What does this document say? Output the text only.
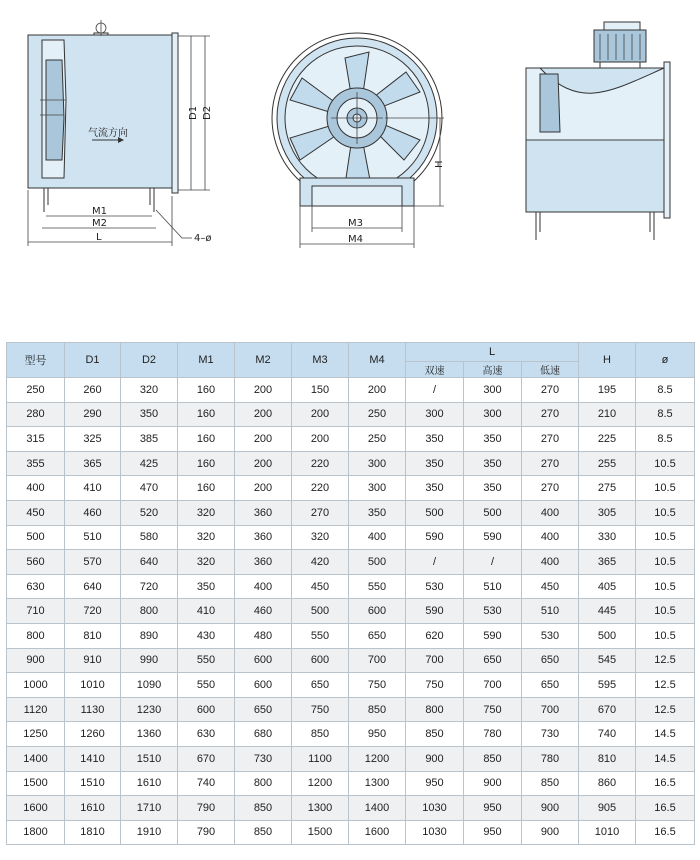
气流方向
D1 D2
M1
M2
L	4–ø
H
M3
M4
型号	D1	D2	M1	M2	M3	M4	L			H	ø
							双速	高速	低速		
250	260	320	160	200	150	200	/	300	270	195	8.5
280	290	350	160	200	200	250	300	300	270	210	8.5
315	325	385	160	200	200	250	350	350	270	225	8.5
355	365	425	160	200	220	300	350	350	270	255	10.5
400	410	470	160	200	220	300	350	350	270	275	10.5
450	460	520	320	360	270	350	500	500	400	305	10.5
500	510	580	320	360	320	400	590	590	400	330	10.5
560	570	640	320	360	420	500	/	/	400	365	10.5
630	640	720	350	400	450	550	530	510	450	405	10.5
710	720	800	410	460	500	600	590	530	510	445	10.5
800	810	890	430	480	550	650	620	590	530	500	10.5
900	910	990	550	600	600	700	700	650	650	545	12.5
1000	1010	1090	550	600	650	750	750	700	650	595	12.5
1120	1130	1230	600	650	750	850	800	750	700	670	12.5
1250	1260	1360	630	680	850	950	850	780	730	740	14.5
1400	1410	1510	670	730	1100	1200	900	850	780	810	14.5
1500	1510	1610	740	800	1200	1300	950	900	850	860	16.5
1600	1610	1710	790	850	1300	1400	1030	950	900	905	16.5
1800	1810	1910	790	850	1500	1600	1030	950	900	1010	16.5
